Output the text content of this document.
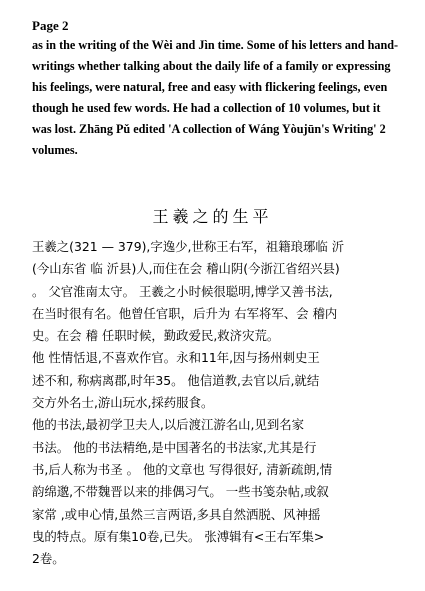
Page 2
as in the writing of the Wèi and Jìn time. Some of his letters and hand-
writings whether talking about the daily life of a family or expressing
his feelings, were natural, free and easy with flickering feelings, even
though he used few words. He had a collection of 10 volumes, but it
was lost. Zhāng Pǔ edited 'A collection of Wáng Yòujūn's Writing' 2
volumes.
王羲之的生平
王羲之(321 — 379),字逸少,世称王右军，祖籍琅琊临 沂
(今山东省 临 沂县)人,而住在会 稽山阴(今浙江省绍兴县)
。 父官淮南太守。 王羲之小时候很聪明,博学又善书法,
在当时很有名。他曾任官职，后升为 右军将军、会 稽内
史。在会 稽 任职时候，勤政爱民,救济灾荒。
他 性情恬退,不喜欢作官。永和11年,因与扬州刺史王
述不和, 称病离郡,时年35。 他信道教,去官以后,就结
交方外名士,游山玩水,採药服食。
他的书法,最初学卫夫人,以后渡江游名山,见到名家
书法。 他的书法精绝,是中国著名的书法家,尤其是行
书,后人称为书圣 。 他的文章也 写得很好, 清新疏朗,情
韵绵邈,不带魏晋以来的排偶习气。 一些书笺杂帖,或叙
家常 ,或申心情,虽然三言两语,多具自然洒脱、风神摇
曳的特点。原有集10卷,已失。 张溥辑有<王右军集>
2卷。
